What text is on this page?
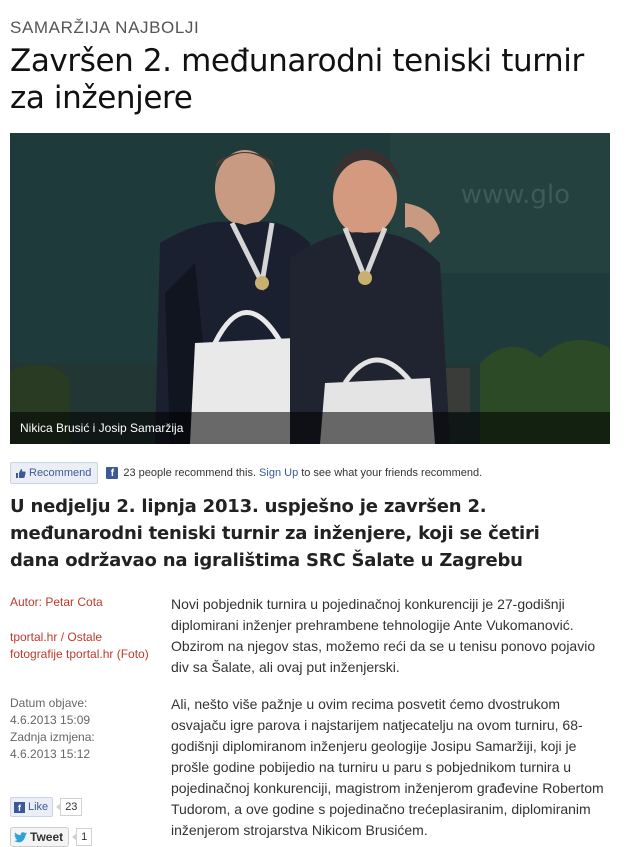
SAMARŽIJA NAJBOLJI
Završen 2. međunarodni teniski turnir za inženjere
www.glo
Nikica Brusić i Josip Samaržija
Recommend	f 23 people recommend this. Sign Up to see what your friends recommend.

U nedjelju 2. lipnja 2013. uspješno je završen 2. međunarodni teniski turnir za inženjere, koji se četiri dana održavao na igralištima SRC Šalate u Zagrebu

Autor: Petar Cota
tportal.hr / Ostale
fotografije tportal.hr (Foto)
Datum objave:
4.6.2013 15:09
Zadnja izmjena:
4.6.2013 15:12

Novi pobjednik turnira u pojedinačnoj konkurenciji je 27-godišnji diplomirani inženjer prehrambene tehnologije Ante Vukomanović. Obzirom na njegov stas, možemo reći da se u tenisu ponovo pojavio div sa Šalate, ali ovaj put inženjerski.

Ali, nešto više pažnje u ovim recima posvetit ćemo dvostrukom osvajaču igre parova i najstarijem natjecatelju na ovom turniru, 68-godišnji diplomiranom inženjeru geologije Josipu Samaržiji, koji je prošle godine pobijedio na turniru u paru s pobjednikom turnira u pojedinačnoj konkurenciji, magistrom inženjerom građevine Robertom Tudorom, a ove godine s pojedinačno trećeplasiranim, diplomiranim inženjerom strojarstva Nikicom Brusićem.

f Like	23
Tweet	1
